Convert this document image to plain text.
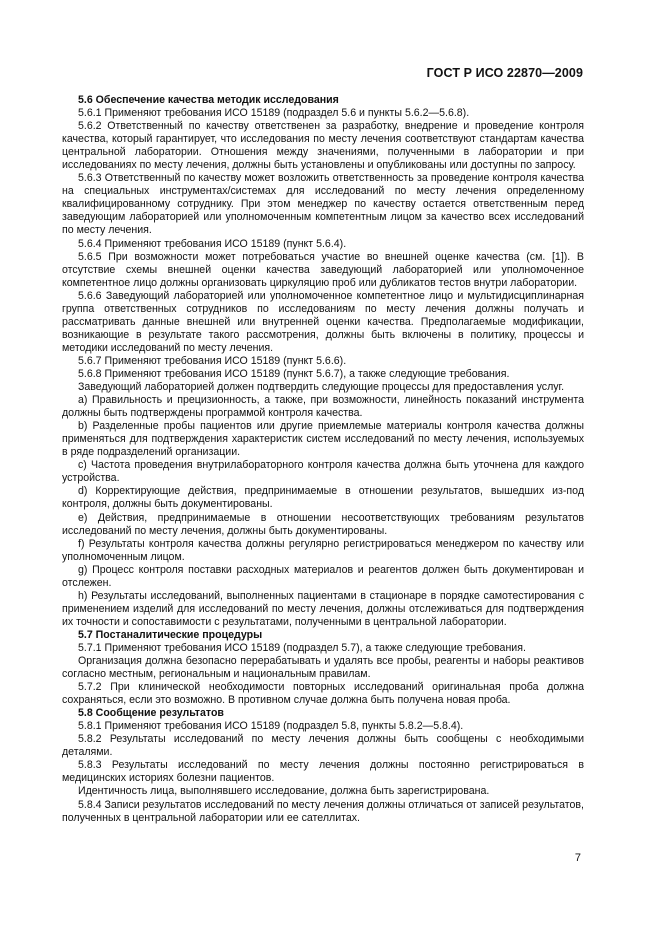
ГОСТ Р ИСО 22870—2009

5.6 Обеспечение качества методик исследования

5.6.1 Применяют требования ИСО 15189 (подраздел 5.6 и пункты 5.6.2—5.6.8).

5.6.2 Ответственный по качеству ответственен за разработку, внедрение и проведение контроля качества, который гарантирует, что исследования по месту лечения соответствуют стандартам качества центральной лаборатории. Отношения между значениями, полученными в лаборатории и при исследованиях по месту лечения, должны быть установлены и опубликованы или доступны по запросу.

5.6.3 Ответственный по качеству может возложить ответственность за проведение контроля качества на специальных инструментах/системах для исследований по месту лечения определенному квалифицированному сотруднику. При этом менеджер по качеству остается ответственным перед заведующим лабораторией или уполномоченным компетентным лицом за качество всех исследований по месту лечения.

5.6.4 Применяют требования ИСО 15189 (пункт 5.6.4).

5.6.5 При возможности может потребоваться участие во внешней оценке качества (см. [1]). В отсутствие схемы внешней оценки качества заведующий лабораторией или уполномоченное компетентное лицо должны организовать циркуляцию проб или дубликатов тестов внутри лаборатории.

5.6.6 Заведующий лабораторией или уполномоченное компетентное лицо и мультидисциплинарная группа ответственных сотрудников по исследованиям по месту лечения должны получать и рассматривать данные внешней или внутренней оценки качества. Предполагаемые модификации, возникающие в результате такого рассмотрения, должны быть включены в политику, процессы и методики исследований по месту лечения.

5.6.7 Применяют требования ИСО 15189 (пункт 5.6.6).

5.6.8 Применяют требования ИСО 15189 (пункт 5.6.7), а также следующие требования.

Заведующий лабораторией должен подтвердить следующие процессы для предоставления услуг.

a) Правильность и прецизионность, а также, при возможности, линейность показаний инструмента должны быть подтверждены программой контроля качества.

b) Разделенные пробы пациентов или другие приемлемые материалы контроля качества должны применяться для подтверждения характеристик систем исследований по месту лечения, используемых в ряде подразделений организации.

c) Частота проведения внутрилабораторного контроля качества должна быть уточнена для каждого устройства.

d) Корректирующие действия, предпринимаемые в отношении результатов, вышедших из-под контроля, должны быть документированы.

e) Действия, предпринимаемые в отношении несоответствующих требованиям результатов исследований по месту лечения, должны быть документированы.

f) Результаты контроля качества должны регулярно регистрироваться менеджером по качеству или уполномоченным лицом.

g) Процесс контроля поставки расходных материалов и реагентов должен быть документирован и отслежен.

h) Результаты исследований, выполненных пациентами в стационаре в порядке самотестирования с применением изделий для исследований по месту лечения, должны отслеживаться для подтверждения их точности и сопоставимости с результатами, полученными в центральной лаборатории.

5.7 Постаналитические процедуры

5.7.1 Применяют требования ИСО 15189 (подраздел 5.7), а также следующие требования.

Организация должна безопасно перерабатывать и удалять все пробы, реагенты и наборы реактивов согласно местным, региональным и национальным правилам.

5.7.2 При клинической необходимости повторных исследований оригинальная проба должна сохраняться, если это возможно. В противном случае должна быть получена новая проба.

5.8 Сообщение результатов

5.8.1 Применяют требования ИСО 15189 (подраздел 5.8, пункты 5.8.2—5.8.4).

5.8.2 Результаты исследований по месту лечения должны быть сообщены с необходимыми деталями.

5.8.3 Результаты исследований по месту лечения должны постоянно регистрироваться в медицинских историях болезни пациентов.

Идентичность лица, выполнявшего исследование, должна быть зарегистрирована.

5.8.4 Записи результатов исследований по месту лечения должны отличаться от записей результатов, полученных в центральной лаборатории или ее сателлитах.

7
